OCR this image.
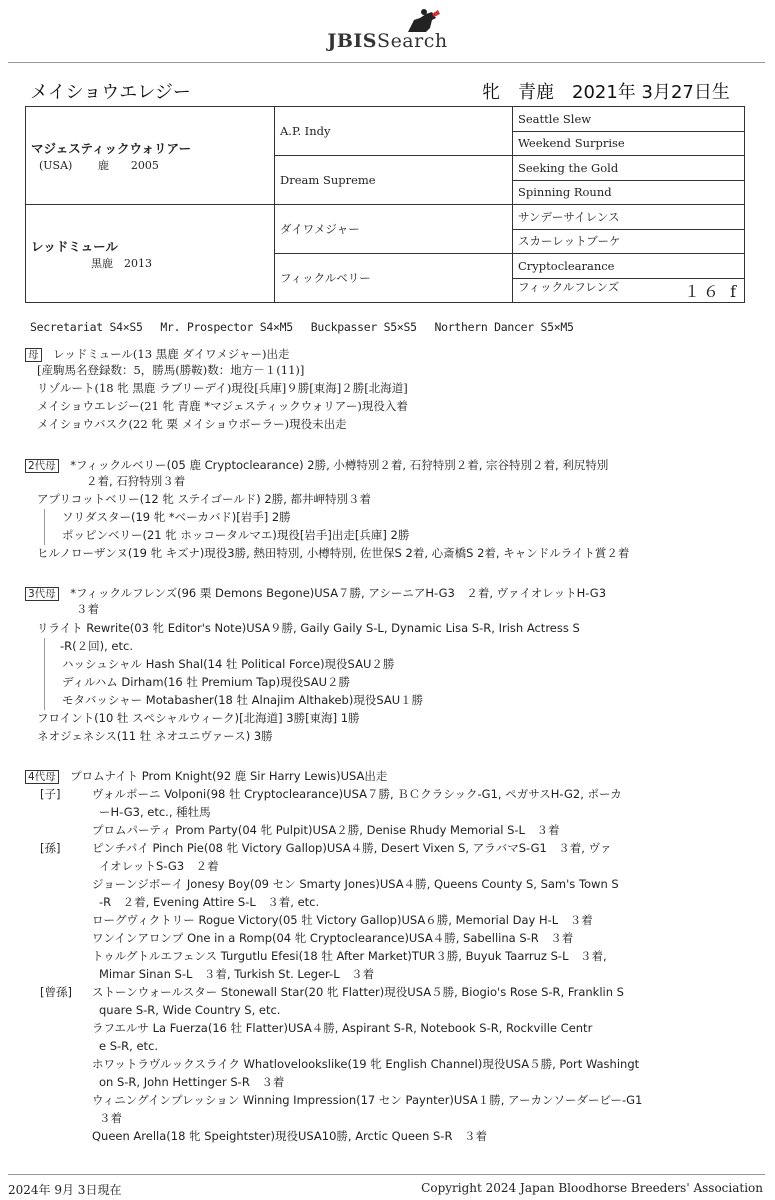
JBISSearch
メイショウエレジー	牝　青鹿　2021年 3月27日生
マジェスティックウォリアー
(USA)　　 鹿　　 2005	A.P. Indy	Seattle Slew
		Weekend Surprise
	Dream Supreme	Seeking the Gold
		Spinning Round

レッドミュール
黒鹿　 2013	ダイワメジャー	サンデーサイレンス
		スカーレットブーケ
	フィックルベリー	Cryptoclearance
		フィックルフレンズ １６ f
Secretariat S4×S5　 Mr. Prospector S4×M5　 Buckpasser S5×S5　 Northern Dancer S5×M5
母　 レッドミュール(13 黒鹿 ダイワメジャー)出走
[産駒馬名登録数：5，勝馬(勝鞍)数：地方－１(11)]
リゾルート(18 牝 黒鹿 ラブリーデイ)現役[兵庫]９勝[東海]２勝[北海道]
メイショウエレジー(21 牝 青鹿 *マジェスティックウォリアー)現役入着
メイショウバスク(22 牝 栗 メイショウボーラー)現役未出走
2代母　 *フィックルベリー(05 鹿 Cryptoclearance) 2勝, 小樽特別２着, 石狩特別２着, 宗谷特別２着, 利尻特別
２着, 石狩特別３着
アプリコットベリー(12 牝 ステイゴールド) 2勝, 都井岬特別３着
ソリダスター(19 牝 *ベーカバド)[岩手] 2勝
ポッピンベリー(21 牝 ホッコータルマエ)現役[岩手]出走[兵庫] 2勝
ヒルノローザンヌ(19 牝 キズナ)現役3勝, 熱田特別, 小樽特別, 佐世保S 2着, 心斎橋S 2着, キャンドルライト賞２着
3代母　 *フィックルフレンズ(96 栗 Demons Begone)USA７勝, アシーニアH-G3　２着, ヴァイオレットH-G3
３着
リライト Rewrite(03 牝 Editor's Note)USA９勝, Gaily Gaily S-L, Dynamic Lisa S-R, Irish Actress S
-R(２回), etc.
ハッシュシャル Hash Shal(14 牡 Political Force)現役SAU２勝
ディルハム Dirham(16 牡 Premium Tap)現役SAU２勝
モタバッシャー Motabasher(18 牡 Alnajim Althakeb)現役SAU１勝
フロイント(10 牡 スペシャルウィーク)[北海道] 3勝[東海] 1勝
ネオジェネシス(11 牡 ネオユニヴァース) 3勝
4代母　 プロムナイト Prom Knight(92 鹿 Sir Harry Lewis)USA出走
[子]	ヴォルポーニ Volponi(98 牡 Cryptoclearance)USA７勝, ＢＣクラシック-G1, ペガサスH-G2, ポーカ
ーH-G3, etc., 種牡馬
プロムパーティ Prom Party(04 牝 Pulpit)USA２勝, Denise Rhudy Memorial S-L　３着
[孫]	ピンチパイ Pinch Pie(08 牝 Victory Gallop)USA４勝, Desert Vixen S, アラバマS-G1　３着, ヴァ
イオレットS-G3　２着
ジョーンジボーイ Jonesy Boy(09 セン Smarty Jones)USA４勝, Queens County S, Sam's Town S
-R　２着, Evening Attire S-L　３着, etc.
ローグヴィクトリー Rogue Victory(05 牡 Victory Gallop)USA６勝, Memorial Day H-L　３着
ワンインアロンプ One in a Romp(04 牝 Cryptoclearance)USA４勝, Sabellina S-R　３着
トゥルグトルエフェンス Turgutlu Efesi(18 牡 After Market)TUR３勝, Buyuk Taarruz S-L　３着,
Mimar Sinan S-L　３着, Turkish St. Leger-L　３着
[曾孫] ストーンウォールスター Stonewall Star(20 牝 Flatter)現役USA５勝, Biogio's Rose S-R, Franklin S
quare S-R, Wide Country S, etc.
ラフエルサ La Fuerza(16 牡 Flatter)USA４勝, Aspirant S-R, Notebook S-R, Rockville Centr
e S-R, etc.
ホワットラヴルックスライク Whatlovelookslike(19 牝 English Channel)現役USA５勝, Port Washingt
on S-R, John Hettinger S-R　３着
ウィニングインプレッション Winning Impression(17 セン Paynter)USA１勝, アーカンソーダービー-G1
３着
Queen Arella(18 牝 Speightster)現役USA10勝, Arctic Queen S-R　３着
2024年 9月 3日現在	Copyright 2024 Japan Bloodhorse Breeders' Association
